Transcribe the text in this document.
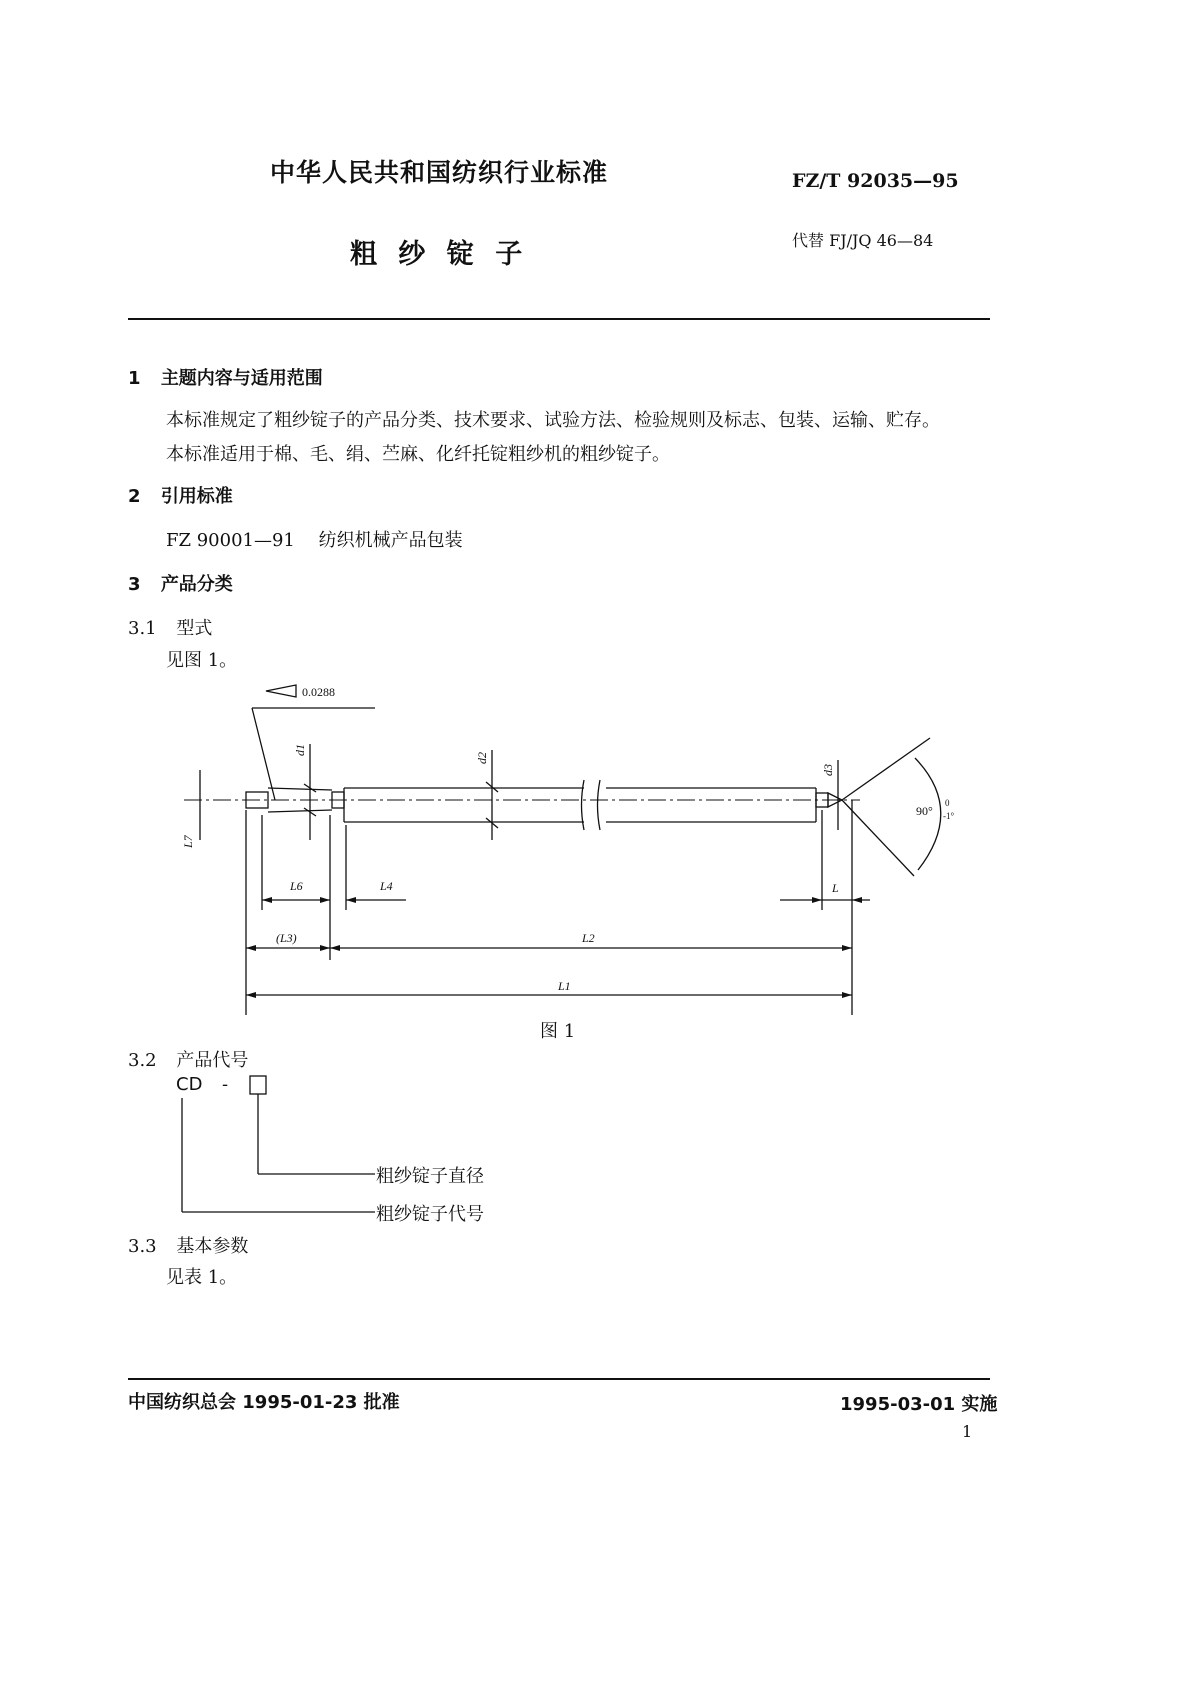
中华人民共和国纺织行业标准	FZ/T 92035—95
粗 纱 锭 子	代替 FJ/JQ 46—84
1 主题内容与适用范围
本标准规定了粗纱锭子的产品分类、技术要求、试验方法、检验规则及标志、包装、运输、贮存。
本标准适用于棉、毛、绢、苎麻、化纤托锭粗纱机的粗纱锭子。
2 引用标准
FZ 90001—91 纺织机械产品包装
3 产品分类
3.1 型式
见图 1。
0.0288
d1
d2
d3
L7
L6	L4	L
(L3)	L2
L1
90°
0
-1°
图 1
3.2 产品代号
CD -
粗纱锭子直径
粗纱锭子代号
3.3 基本参数
见表 1。
中国纺织总会 1995-01-23 批准	1995-03-01 实施
1
